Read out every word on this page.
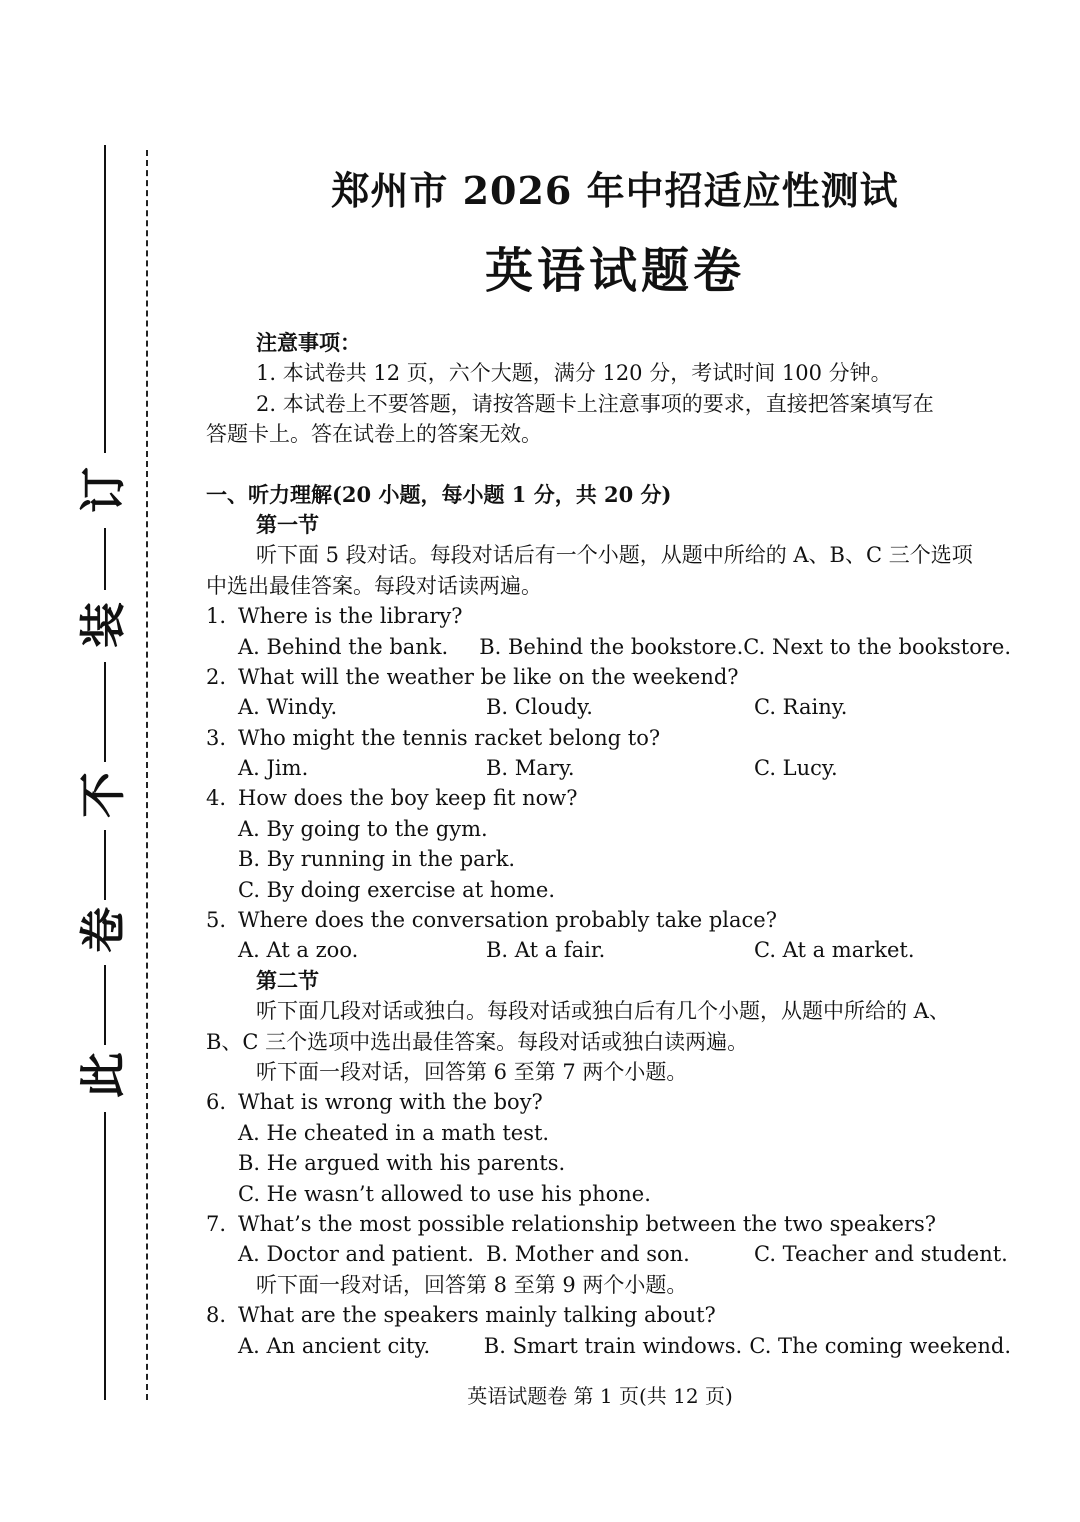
订
装
不
卷
此
郑州市 2026 年中招适应性测试
英语试题卷
注意事项：
1. 本试卷共 12 页，六个大题，满分 120 分，考试时间 100 分钟。
2. 本试卷上不要答题，请按答题卡上注意事项的要求，直接把答案填写在
答题卡上。答在试卷上的答案无效。
一、听力理解(20 小题，每小题 1 分，共 20 分)
第一节
听下面 5 段对话。每段对话后有一个小题，从题中所给的 A、B、C 三个选项
中选出最佳答案。每段对话读两遍。
1. Where is the library?
A. Behind the bank.	B. Behind the bookstore. C. Next to the bookstore.
2. What will the weather be like on the weekend?
A. Windy.	B. Cloudy.	C. Rainy.
3. Who might the tennis racket belong to?
A. Jim.	B. Mary.	C. Lucy.
4. How does the boy keep fit now?
A. By going to the gym.
B. By running in the park.
C. By doing exercise at home.
5. Where does the conversation probably take place?
A. At a zoo.	B. At a fair.	C. At a market.
第二节
听下面几段对话或独白。每段对话或独白后有几个小题，从题中所给的 A、
B、C 三个选项中选出最佳答案。每段对话或独白读两遍。
听下面一段对话，回答第 6 至第 7 两个小题。
6. What is wrong with the boy?
A. He cheated in a math test.
B. He argued with his parents.
C. He wasn’t allowed to use his phone.
7. What’s the most possible relationship between the two speakers?
A. Doctor and patient. B. Mother and son.	C. Teacher and student.
听下面一段对话，回答第 8 至第 9 两个小题。
8. What are the speakers mainly talking about?
A. An ancient city.	B. Smart train windows. C. The coming weekend.
英语试题卷 第 1 页(共 12 页)
